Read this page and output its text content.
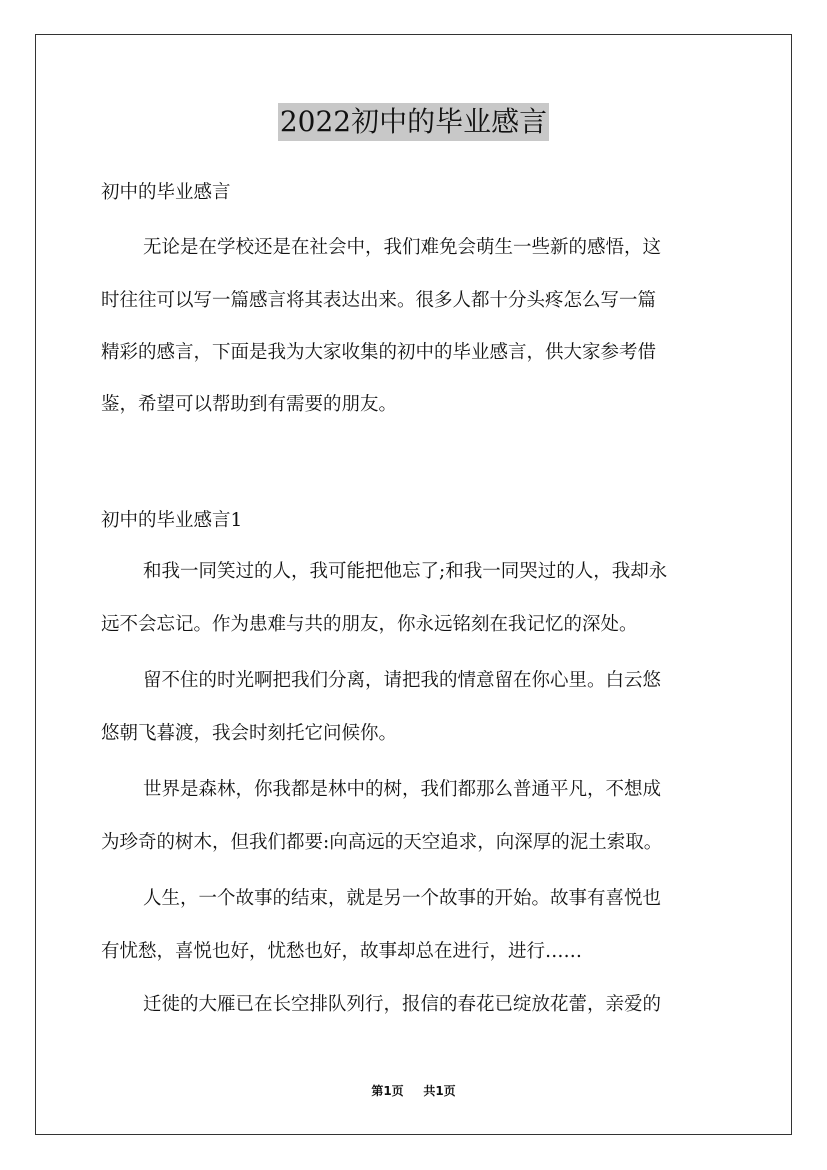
2022初中的毕业感言
初中的毕业感言
无论是在学校还是在社会中，我们难免会萌生一些新的感悟，这
时往往可以写一篇感言将其表达出来。很多人都十分头疼怎么写一篇
精彩的感言，下面是我为大家收集的初中的毕业感言，供大家参考借
鉴，希望可以帮助到有需要的朋友。
初中的毕业感言1
和我一同笑过的人，我可能把他忘了;和我一同哭过的人，我却永
远不会忘记。作为患难与共的朋友，你永远铭刻在我记忆的深处。
留不住的时光啊把我们分离，请把我的情意留在你心里。白云悠
悠朝飞暮渡，我会时刻托它问候你。
世界是森林，你我都是林中的树，我们都那么普通平凡，不想成
为珍奇的树木，但我们都要:向高远的天空追求，向深厚的泥土索取。
人生，一个故事的结束，就是另一个故事的开始。故事有喜悦也
有忧愁，喜悦也好，忧愁也好，故事却总在进行，进行……
迁徙的大雁已在长空排队列行，报信的春花已绽放花蕾，亲爱的
第1页 共1页
